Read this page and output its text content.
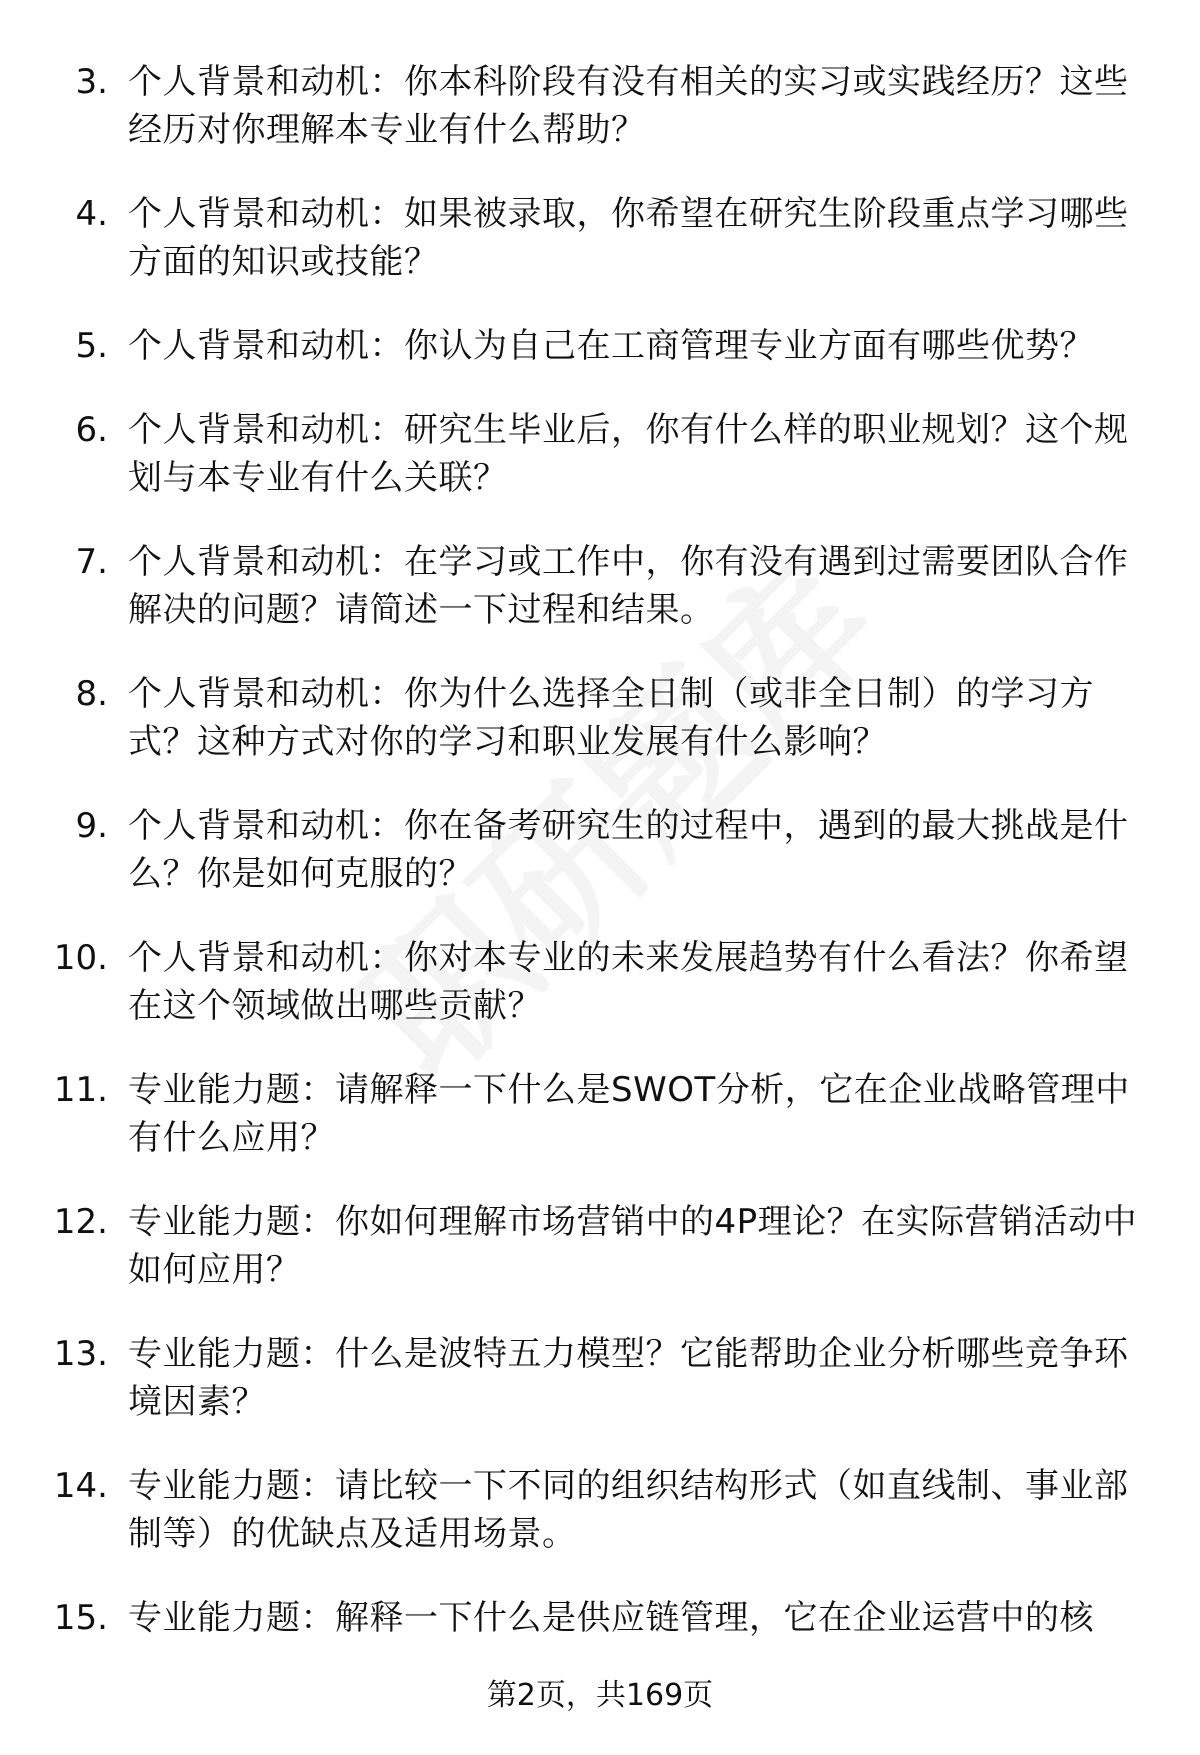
3. 个人背景和动机：你本科阶段有没有相关的实习或实践经历？这些经历对你理解本专业有什么帮助？
4. 个人背景和动机：如果被录取，你希望在研究生阶段重点学习哪些方面的知识或技能？
5. 个人背景和动机：你认为自己在工商管理专业方面有哪些优势？
6. 个人背景和动机：研究生毕业后，你有什么样的职业规划？这个规划与本专业有什么关联？
7. 个人背景和动机：在学习或工作中，你有没有遇到过需要团队合作解决的问题？请简述一下过程和结果。
8. 个人背景和动机：你为什么选择全日制（或非全日制）的学习方式？这种方式对你的学习和职业发展有什么影响？
9. 个人背景和动机：你在备考研究生的过程中，遇到的最大挑战是什么？你是如何克服的？
10. 个人背景和动机：你对本专业的未来发展趋势有什么看法？你希望在这个领域做出哪些贡献？
11. 专业能力题：请解释一下什么是SWOT分析，它在企业战略管理中有什么应用？
12. 专业能力题：你如何理解市场营销中的4P理论？在实际营销活动中如何应用？
13. 专业能力题：什么是波特五力模型？它能帮助企业分析哪些竞争环境因素？
14. 专业能力题：请比较一下不同的组织结构形式（如直线制、事业部制等）的优缺点及适用场景。
15. 专业能力题：解释一下什么是供应链管理，它在企业运营中的核
第2页，共169页
